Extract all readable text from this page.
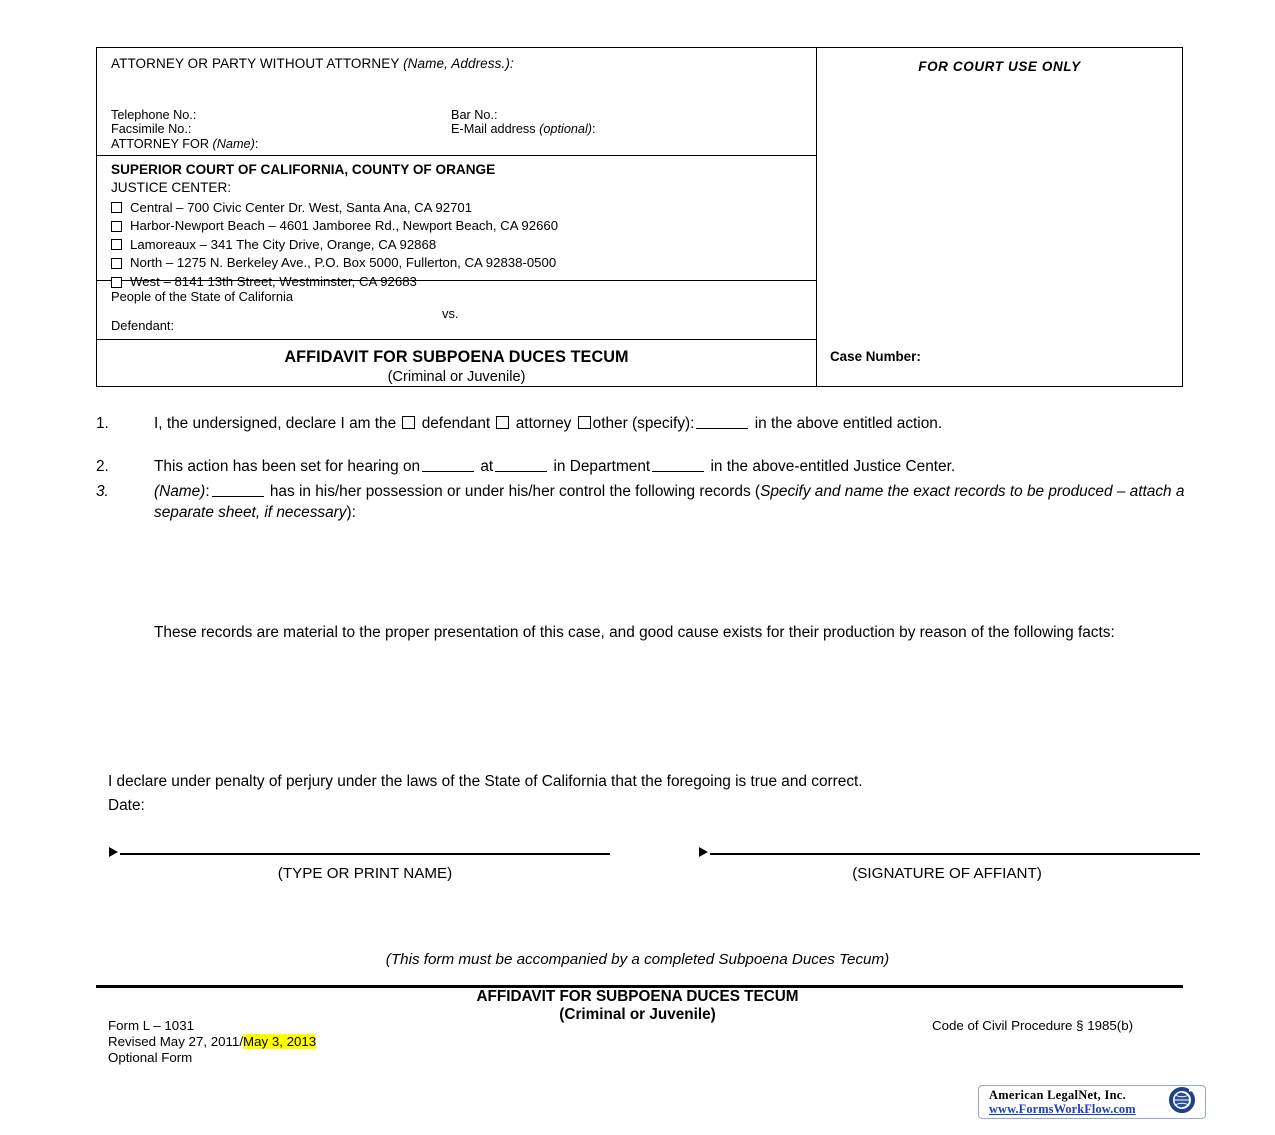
ATTORNEY OR PARTY WITHOUT ATTORNEY (Name, Address.):
Telephone No.:	Bar No.:
Facsimile No.:	E-Mail address (optional):
ATTORNEY FOR (Name):
FOR COURT USE ONLY
SUPERIOR COURT OF CALIFORNIA, COUNTY OF ORANGE
JUSTICE CENTER:
Central – 700 Civic Center Dr. West, Santa Ana, CA 92701
Harbor-Newport Beach – 4601 Jamboree Rd., Newport Beach, CA 92660
Lamoreaux – 341 The City Drive, Orange, CA 92868
North – 1275 N. Berkeley Ave., P.O. Box 5000, Fullerton, CA 92838-0500
West – 8141 13th Street, Westminster, CA 92683
People of the State of California
vs.
Defendant:
AFFIDAVIT FOR SUBPOENA DUCES TECUM
(Criminal or Juvenile)
Case Number:
1.	I, the undersigned, declare I am the defendant attorney other (specify):	in the above entitled action.
2.	This action has been set for hearing on	at	in Department	in the above-entitled Justice Center.
3.	(Name):	has in his/her possession or under his/her control the following records (Specify and name the exact records to be produced – attach a separate sheet, if necessary):
These records are material to the proper presentation of this case, and good cause exists for their production by reason of the following facts:
I declare under penalty of perjury under the laws of the State of California that the foregoing is true and correct.
Date:
(TYPE OR PRINT NAME)	(SIGNATURE OF AFFIANT)
(This form must be accompanied by a completed Subpoena Duces Tecum)
AFFIDAVIT FOR SUBPOENA DUCES TECUM
(Criminal or Juvenile)
Form L – 1031
Revised May 27, 2011/May 3, 2013
Optional Form
Code of Civil Procedure § 1985(b)
American LegalNet, Inc.
www.FormsWorkFlow.com
